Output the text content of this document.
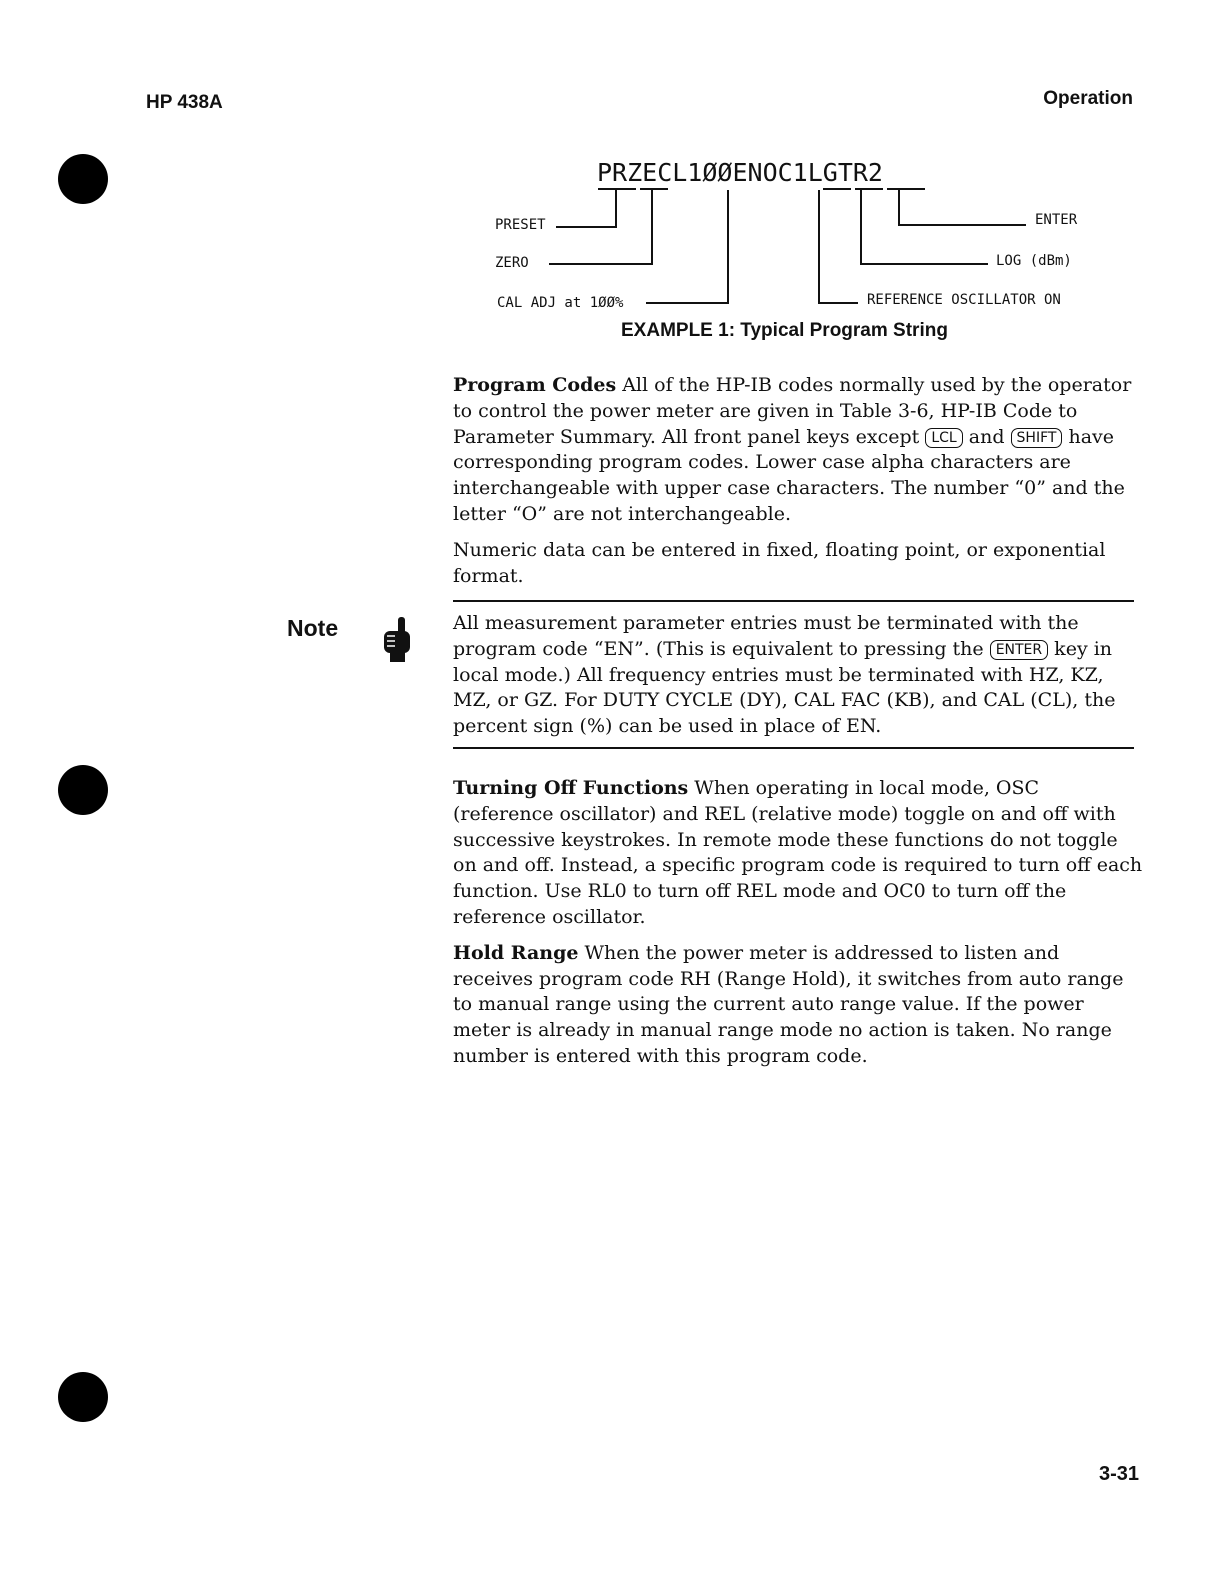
HP 438A	Operation
PRZECL1ØØENOC1LGTR2
PRESET
ZERO
CAL ADJ at 1ØØ%
ENTER
LOG (dBm)
REFERENCE OSCILLATOR ON
EXAMPLE 1: Typical Program String

Program Codes All of the HP-IB codes normally used by the operator to control the power meter are given in Table 3-6, HP-IB Code to Parameter Summary. All front panel keys except LCL and SHIFT have corresponding program codes. Lower case alpha characters are interchangeable with upper case characters. The number “0” and the letter “O” are not interchangeable.

Numeric data can be entered in fixed, floating point, or exponential format.

Note	All measurement parameter entries must be terminated with the program code “EN”. (This is equivalent to pressing the ENTER key in local mode.) All frequency entries must be terminated with HZ, KZ, MZ, or GZ. For DUTY CYCLE (DY), CAL FAC (KB), and CAL (CL), the percent sign (%) can be used in place of EN.

Turning Off Functions When operating in local mode, OSC (reference oscillator) and REL (relative mode) toggle on and off with successive keystrokes. In remote mode these functions do not toggle on and off. Instead, a specific program code is required to turn off each function. Use RL0 to turn off REL mode and OC0 to turn off the reference oscillator.

Hold Range When the power meter is addressed to listen and receives program code RH (Range Hold), it switches from auto range to manual range using the current auto range value. If the power meter is already in manual range mode no action is taken. No range number is entered with this program code.

3-31
